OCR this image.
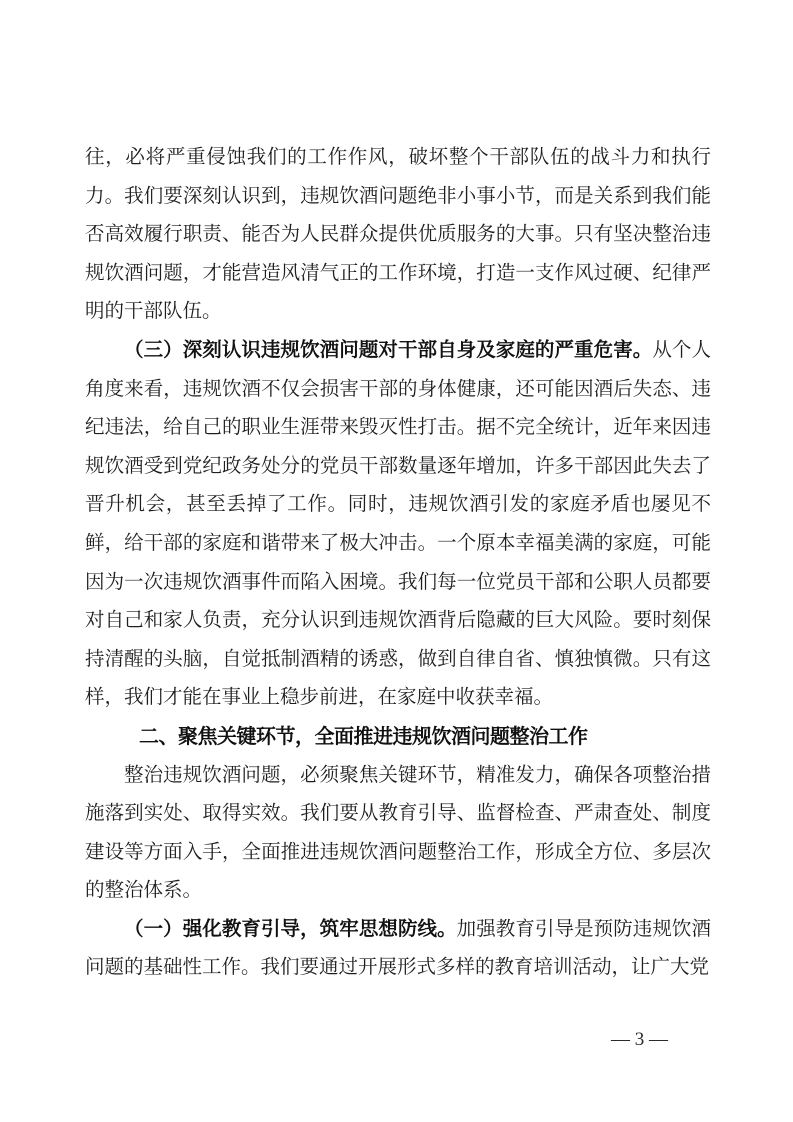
往，必将严重侵蚀我们的工作作风，破坏整个干部队伍的战斗力和执行力。我们要深刻认识到，违规饮酒问题绝非小事小节，而是关系到我们能否高效履行职责、能否为人民群众提供优质服务的大事。只有坚决整治违规饮酒问题，才能营造风清气正的工作环境，打造一支作风过硬、纪律严明的干部队伍。

（三）深刻认识违规饮酒问题对干部自身及家庭的严重危害。从个人角度来看，违规饮酒不仅会损害干部的身体健康，还可能因酒后失态、违纪违法，给自己的职业生涯带来毁灭性打击。据不完全统计，近年来因违规饮酒受到党纪政务处分的党员干部数量逐年增加，许多干部因此失去了晋升机会，甚至丢掉了工作。同时，违规饮酒引发的家庭矛盾也屡见不鲜，给干部的家庭和谐带来了极大冲击。一个原本幸福美满的家庭，可能因为一次违规饮酒事件而陷入困境。我们每一位党员干部和公职人员都要对自己和家人负责，充分认识到违规饮酒背后隐藏的巨大风险。要时刻保持清醒的头脑，自觉抵制酒精的诱惑，做到自律自省、慎独慎微。只有这样，我们才能在事业上稳步前进，在家庭中收获幸福。

二、聚焦关键环节，全面推进违规饮酒问题整治工作

整治违规饮酒问题，必须聚焦关键环节，精准发力，确保各项整治措施落到实处、取得实效。我们要从教育引导、监督检查、严肃查处、制度建设等方面入手，全面推进违规饮酒问题整治工作，形成全方位、多层次的整治体系。

（一）强化教育引导，筑牢思想防线。加强教育引导是预防违规饮酒问题的基础性工作。我们要通过开展形式多样的教育培训活动，让广大党

— 3 —
